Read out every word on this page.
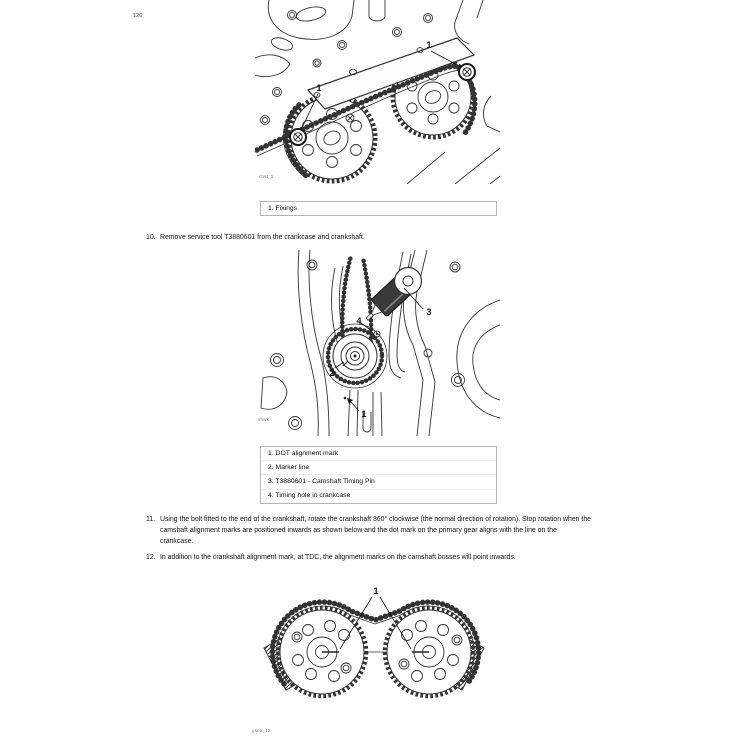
126
1
1
chst_1
1. Fixings
10. Remove service tool T3880601 from the crankcase and crankshaft.
3
4
2
1
shwk
1. DOT alignment mark
2. Marker line
3. T3880601 - Camshaft Timing Pin
4. Timing hole in crankcase
11. Using the bolt fitted to the end of the crankshaft, rotate the crankshaft 360° clockwise (the normal direction of rotation). Stop rotation when the camshaft alignment marks are positioned inwards as shown below and the dot mark on the primary gear aligns with the line on the crankcase.
12. In addition to the crankshaft alignment mark, at TDC, the alignment marks on the camshaft bosses will point inwards.
1
gsea_12
